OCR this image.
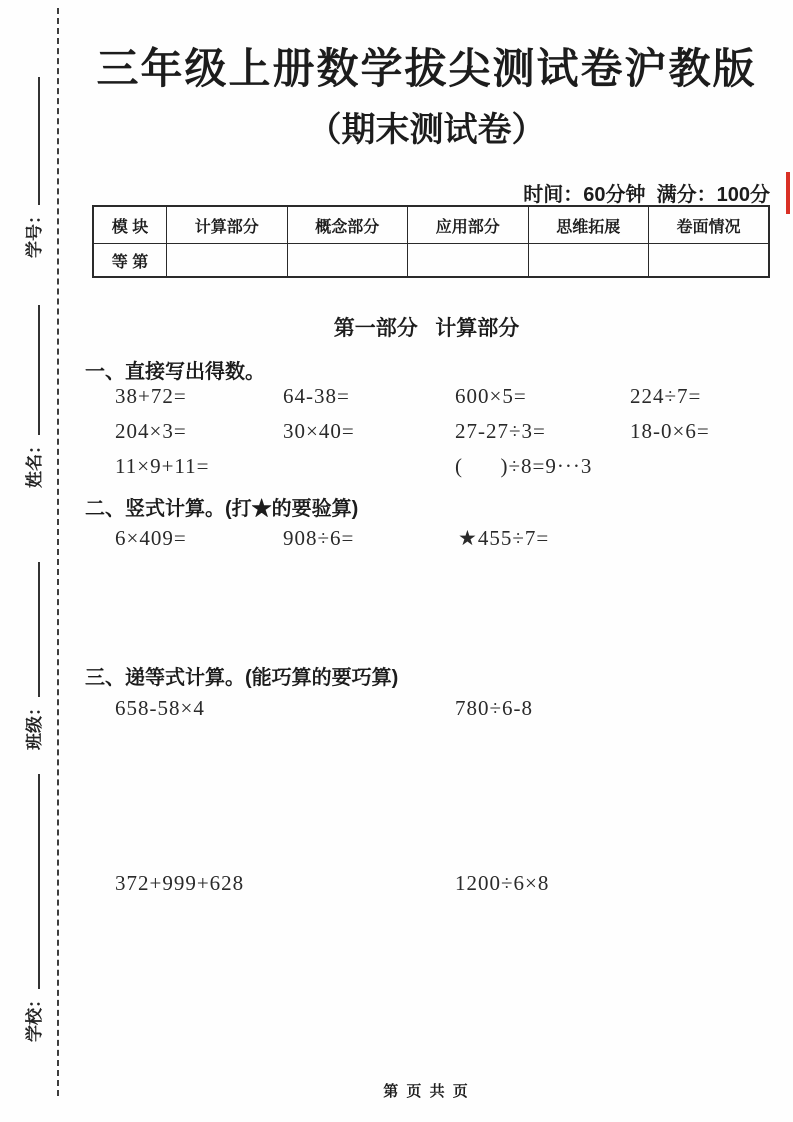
学号：
姓名：
班级：
学校：
三年级上册数学拔尖测试卷沪教版
（期末测试卷）
时间：60分钟  满分：100分
模 块	计算部分	概念部分	应用部分	思维拓展	卷面情况
等 第					
第一部分   计算部分
一、直接写出得数。
38+72=	64-38=	600×5=	224÷7=
204×3=	30×40=	27-27÷3=	18-0×6=
11×9+11=	(      )÷8=9···3
二、竖式计算。(打★的要验算)
6×409=	908÷6=	★455÷7=
三、递等式计算。(能巧算的要巧算)
658-58×4	780÷6-8
372+999+628	1200÷6×8
第 页 共 页
